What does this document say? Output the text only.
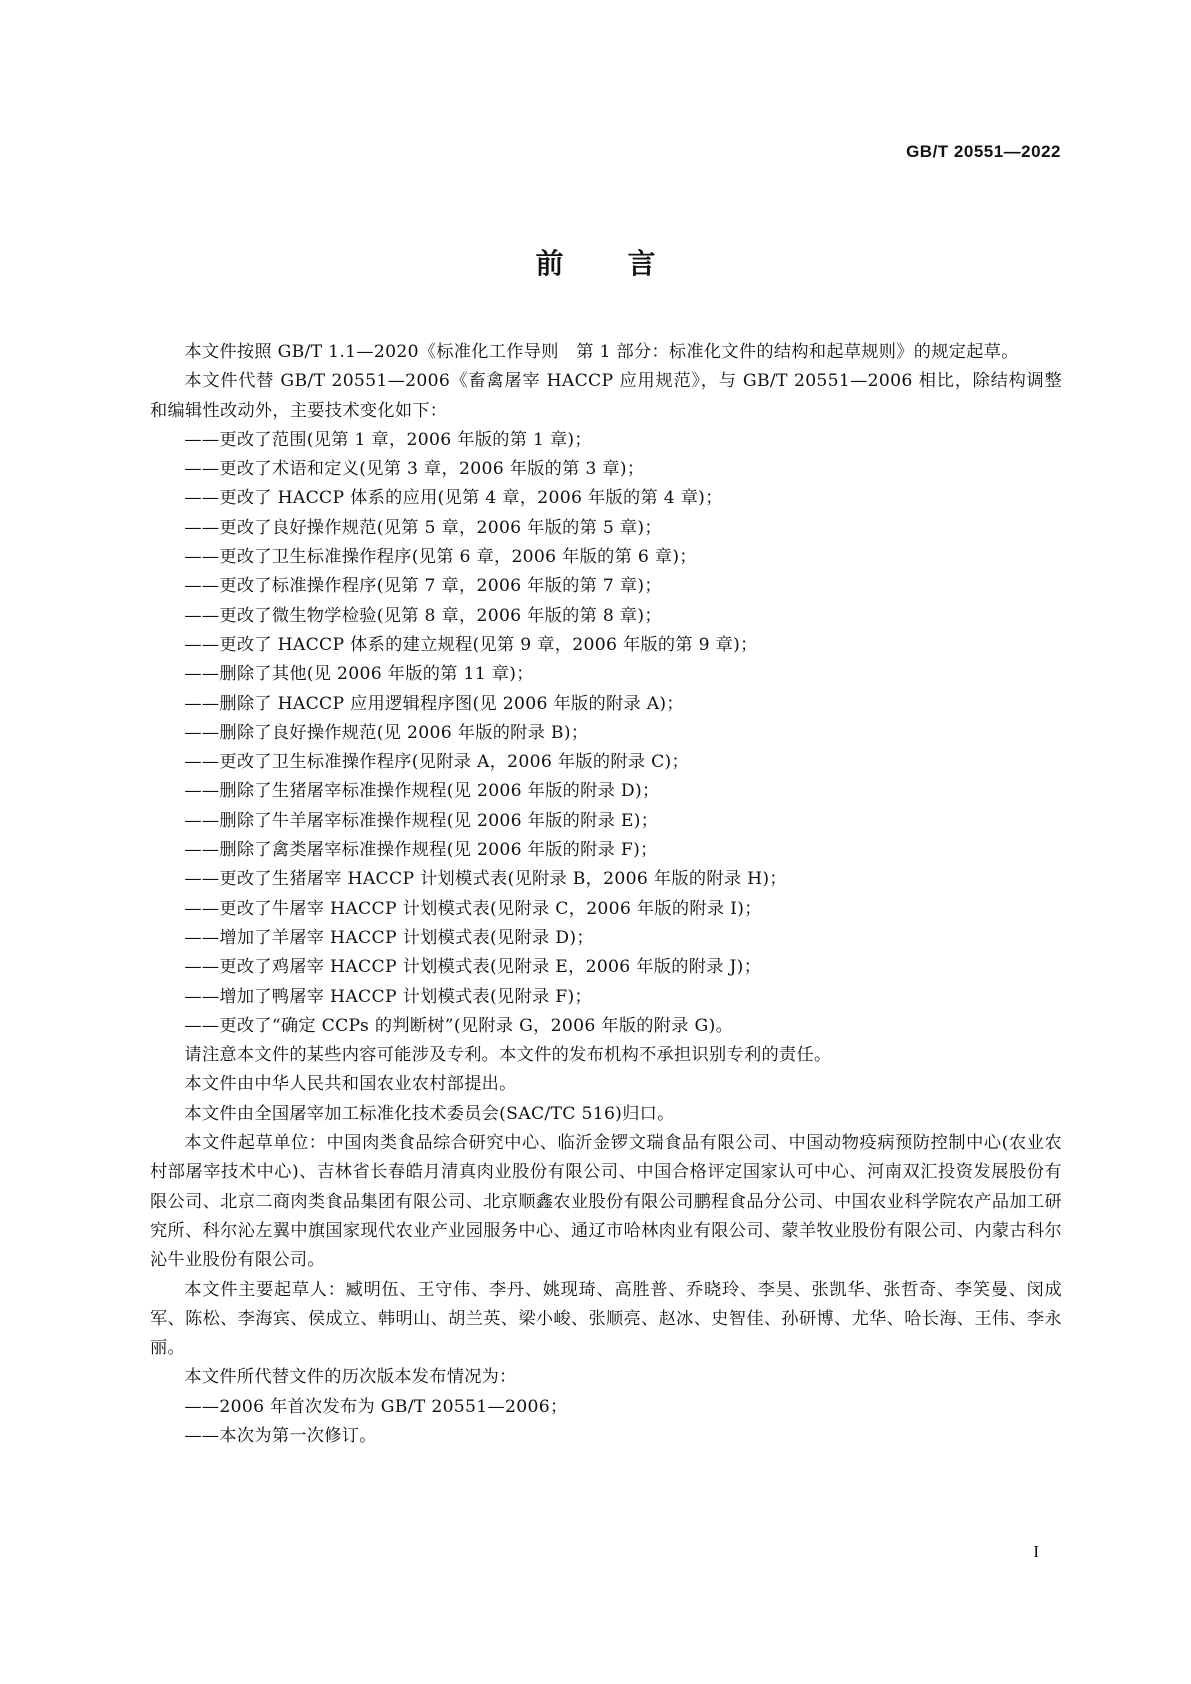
GB/T 20551—2022
前言

本文件按照 GB/T 1.1—2020《标准化工作导则　第 1 部分：标准化文件的结构和起草规则》的规定起草。

本文件代替 GB/T 20551—2006《畜禽屠宰 HACCP 应用规范》，与 GB/T 20551—2006 相比，除结构调整和编辑性改动外，主要技术变化如下：

——更改了范围(见第 1 章，2006 年版的第 1 章)；

——更改了术语和定义(见第 3 章，2006 年版的第 3 章)；

——更改了 HACCP 体系的应用(见第 4 章，2006 年版的第 4 章)；

——更改了良好操作规范(见第 5 章，2006 年版的第 5 章)；

——更改了卫生标准操作程序(见第 6 章，2006 年版的第 6 章)；

——更改了标准操作程序(见第 7 章，2006 年版的第 7 章)；

——更改了微生物学检验(见第 8 章，2006 年版的第 8 章)；

——更改了 HACCP 体系的建立规程(见第 9 章，2006 年版的第 9 章)；

——删除了其他(见 2006 年版的第 11 章)；

——删除了 HACCP 应用逻辑程序图(见 2006 年版的附录 A)；

——删除了良好操作规范(见 2006 年版的附录 B)；

——更改了卫生标准操作程序(见附录 A，2006 年版的附录 C)；

——删除了生猪屠宰标准操作规程(见 2006 年版的附录 D)；

——删除了牛羊屠宰标准操作规程(见 2006 年版的附录 E)；

——删除了禽类屠宰标准操作规程(见 2006 年版的附录 F)；

——更改了生猪屠宰 HACCP 计划模式表(见附录 B，2006 年版的附录 H)；

——更改了牛屠宰 HACCP 计划模式表(见附录 C，2006 年版的附录 I)；

——增加了羊屠宰 HACCP 计划模式表(见附录 D)；

——更改了鸡屠宰 HACCP 计划模式表(见附录 E，2006 年版的附录 J)；

——增加了鸭屠宰 HACCP 计划模式表(见附录 F)；

——更改了“确定 CCPs 的判断树”(见附录 G，2006 年版的附录 G)。

请注意本文件的某些内容可能涉及专利。本文件的发布机构不承担识别专利的责任。

本文件由中华人民共和国农业农村部提出。

本文件由全国屠宰加工标准化技术委员会(SAC/TC 516)归口。

本文件起草单位：中国肉类食品综合研究中心、临沂金锣文瑞食品有限公司、中国动物疫病预防控制中心(农业农村部屠宰技术中心)、吉林省长春皓月清真肉业股份有限公司、中国合格评定国家认可中心、河南双汇投资发展股份有限公司、北京二商肉类食品集团有限公司、北京顺鑫农业股份有限公司鹏程食品分公司、中国农业科学院农产品加工研究所、科尔沁左翼中旗国家现代农业产业园服务中心、通辽市哈林肉业有限公司、蒙羊牧业股份有限公司、内蒙古科尔沁牛业股份有限公司。

本文件主要起草人：臧明伍、王守伟、李丹、姚现琦、高胜普、乔晓玲、李昊、张凯华、张哲奇、李笑曼、闵成军、陈松、李海宾、侯成立、韩明山、胡兰英、梁小峻、张顺亮、赵冰、史智佳、孙研博、尤华、哈长海、王伟、李永丽。

本文件所代替文件的历次版本发布情况为：

——2006 年首次发布为 GB/T 20551—2006；

——本次为第一次修订。

I
